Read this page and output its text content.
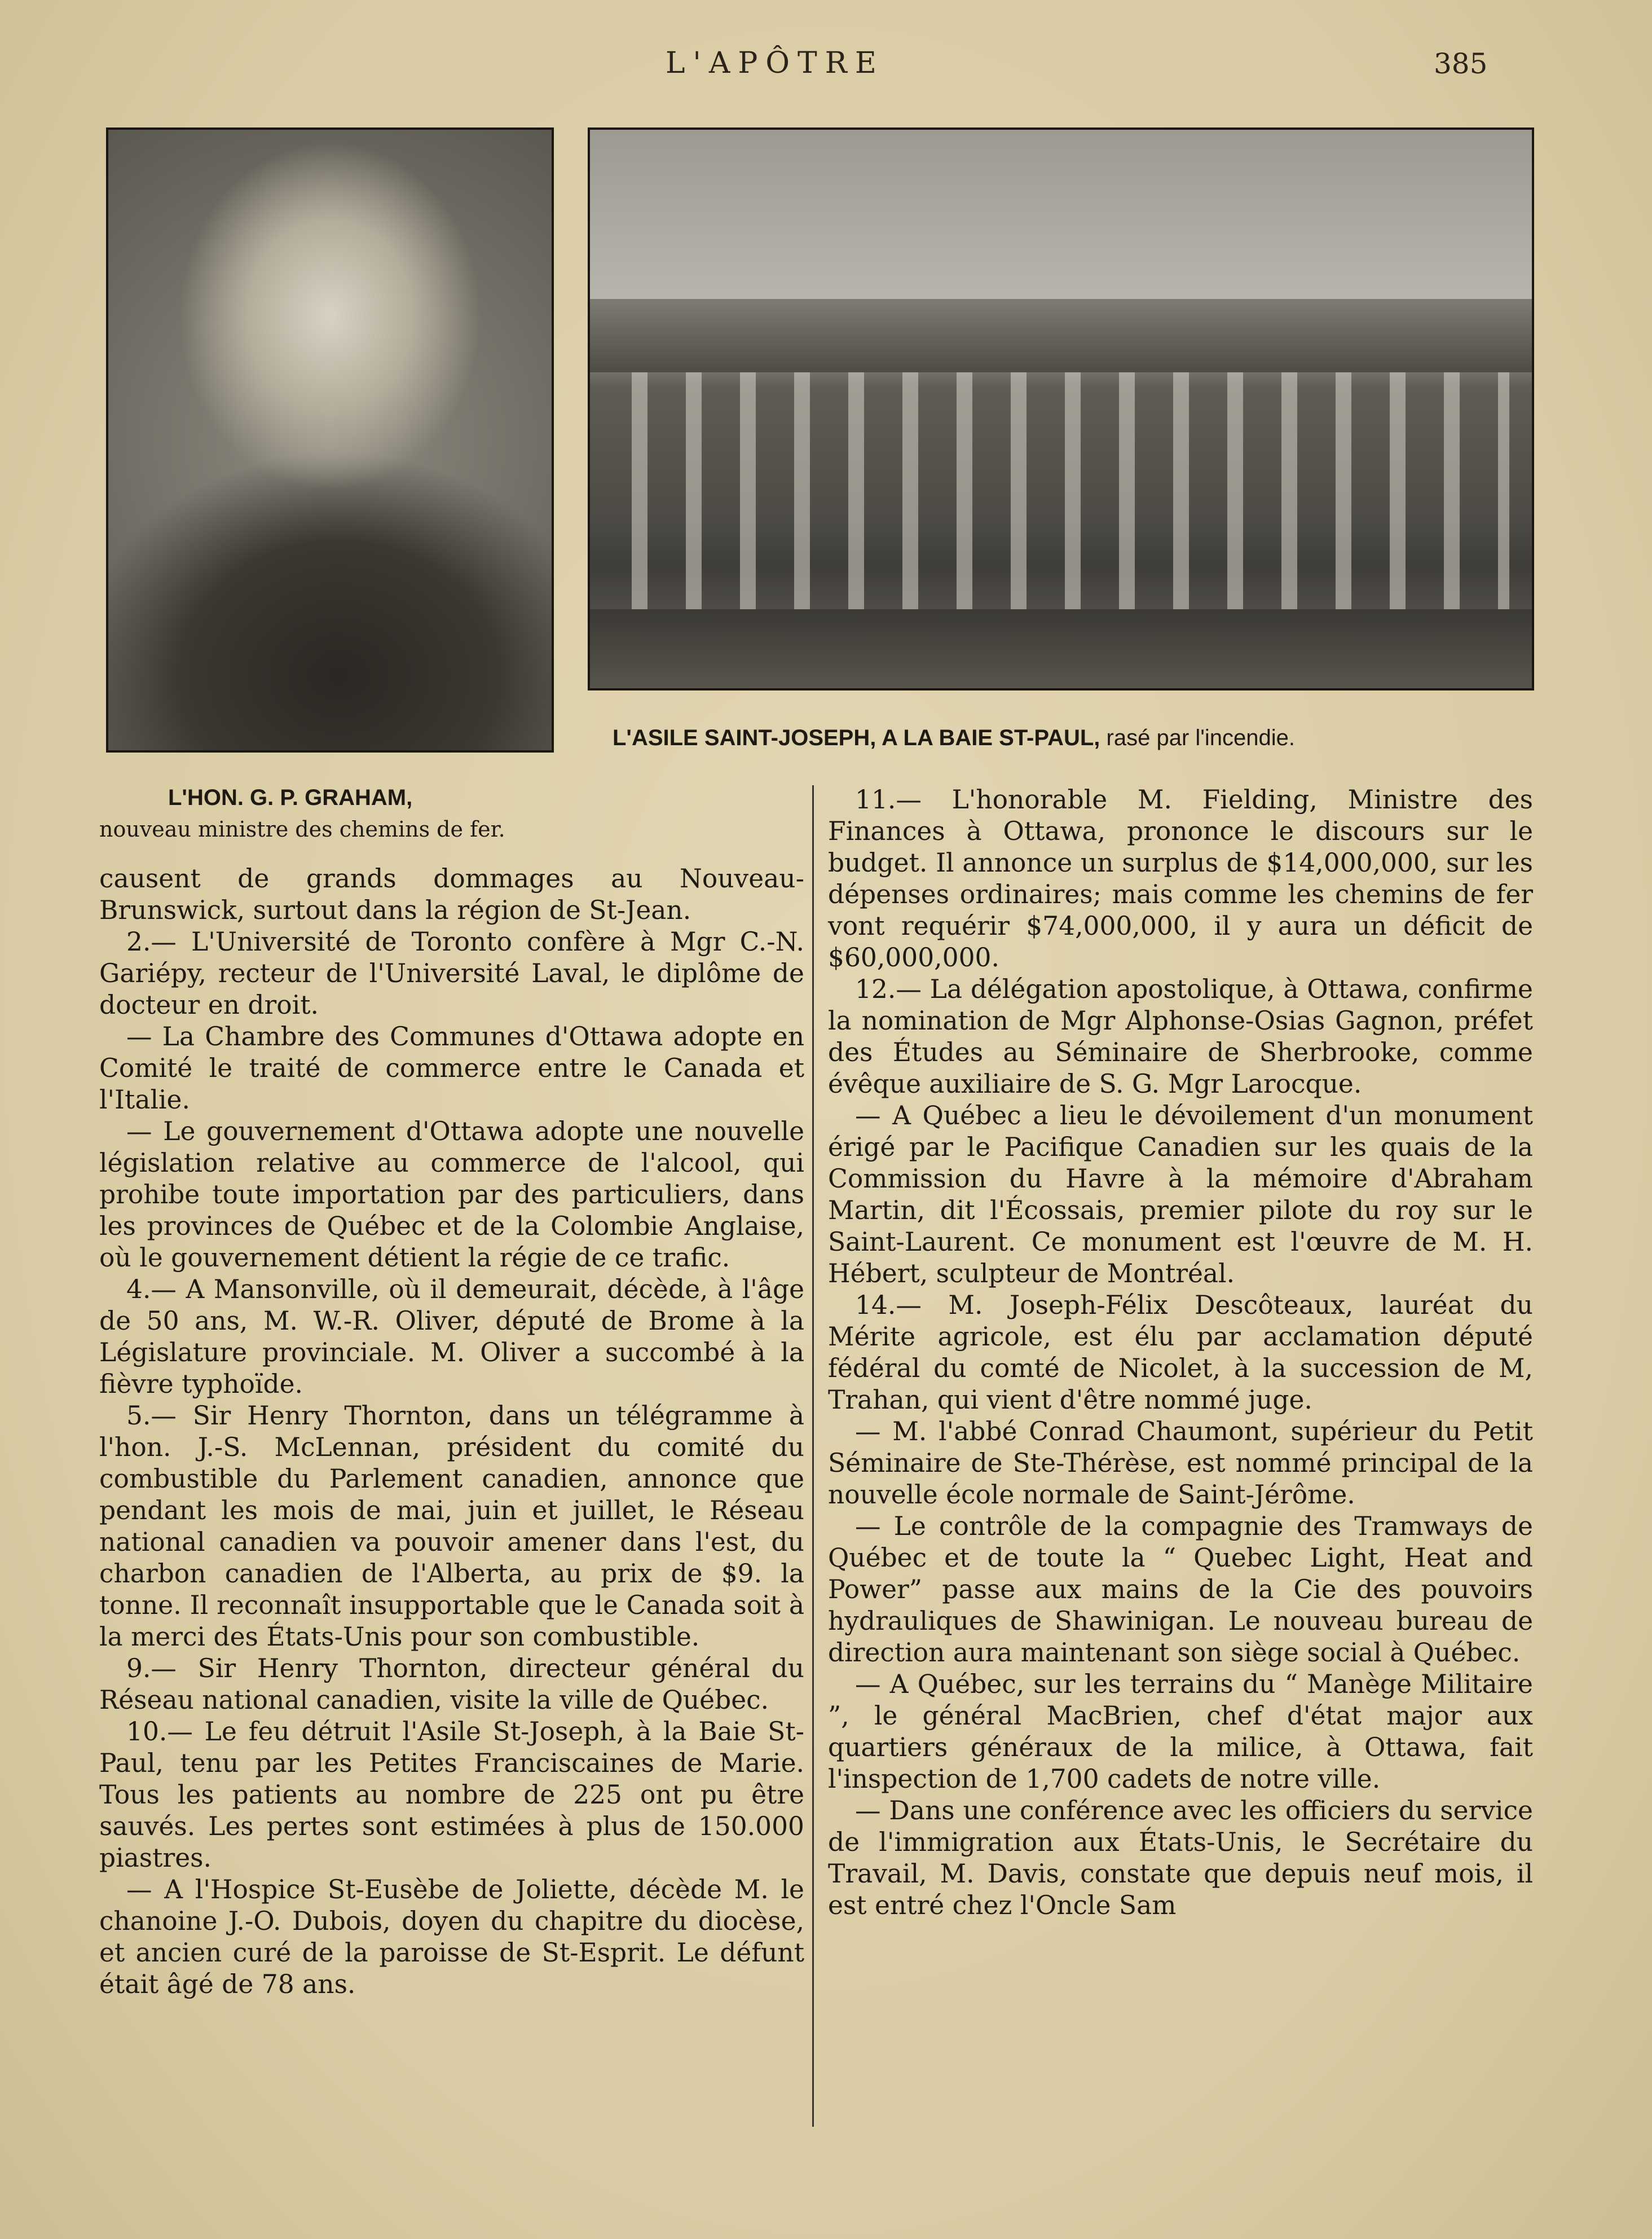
L'APÔTRE	385
L'ASILE SAINT-JOSEPH, A LA BAIE ST-PAUL, rasé par l'incendie.
L'HON. G. P. GRAHAM,
nouveau ministre des chemins de fer.

causent de grands dommages au Nouveau-Brunswick, surtout dans la région de St-Jean.

2.— L'Université de Toronto confère à Mgr C.-N. Gariépy, recteur de l'Université Laval, le diplôme de docteur en droit.

— La Chambre des Communes d'Ottawa adopte en Comité le traité de commerce entre le Canada et l'Italie.

— Le gouvernement d'Ottawa adopte une nouvelle législation relative au commerce de l'alcool, qui prohibe toute importation par des particuliers, dans les provinces de Québec et de la Colombie Anglaise, où le gouvernement détient la régie de ce trafic.

4.— A Mansonville, où il demeurait, décède, à l'âge de 50 ans, M. W.-R. Oliver, député de Brome à la Législature provinciale. M. Oliver a succombé à la fièvre typhoïde.

5.— Sir Henry Thornton, dans un télégramme à l'hon. J.-S. McLennan, président du comité du combustible du Parlement canadien, annonce que pendant les mois de mai, juin et juillet, le Réseau national canadien va pouvoir amener dans l'est, du charbon canadien de l'Alberta, au prix de $9. la tonne. Il reconnaît insupportable que le Canada soit à la merci des États-Unis pour son combustible.

9.— Sir Henry Thornton, directeur général du Réseau national canadien, visite la ville de Québec.

10.— Le feu détruit l'Asile St-Joseph, à la Baie St-Paul, tenu par les Petites Franciscaines de Marie. Tous les patients au nombre de 225 ont pu être sauvés. Les pertes sont estimées à plus de 150.000 piastres.

— A l'Hospice St-Eusèbe de Joliette, décède M. le chanoine J.-O. Dubois, doyen du chapitre du diocèse, et ancien curé de la paroisse de St-Esprit. Le défunt était âgé de 78 ans.

11.— L'honorable M. Fielding, Ministre des Finances à Ottawa, prononce le discours sur le budget. Il annonce un surplus de $14,000,000, sur les dépenses ordinaires; mais comme les chemins de fer vont requérir $74,000,000, il y aura un déficit de $60,000,000.

12.— La délégation apostolique, à Ottawa, confirme la nomination de Mgr Alphonse-Osias Gagnon, préfet des Études au Séminaire de Sherbrooke, comme évêque auxiliaire de S. G. Mgr Larocque.

— A Québec a lieu le dévoilement d'un monument érigé par le Pacifique Canadien sur les quais de la Commission du Havre à la mémoire d'Abraham Martin, dit l'Écossais, premier pilote du roy sur le Saint-Laurent. Ce monument est l'œuvre de M. H. Hébert, sculpteur de Montréal.

14.— M. Joseph-Félix Descôteaux, lauréat du Mérite agricole, est élu par acclamation député fédéral du comté de Nicolet, à la succession de M, Trahan, qui vient d'être nommé juge.

— M. l'abbé Conrad Chaumont, supérieur du Petit Séminaire de Ste-Thérèse, est nommé principal de la nouvelle école normale de Saint-Jérôme.

— Le contrôle de la compagnie des Tramways de Québec et de toute la “ Quebec Light, Heat and Power” passe aux mains de la Cie des pouvoirs hydrauliques de Shawinigan. Le nouveau bureau de direction aura maintenant son siège social à Québec.

— A Québec, sur les terrains du “ Manège Militaire ”, le général MacBrien, chef d'état major aux quartiers généraux de la milice, à Ottawa, fait l'inspection de 1,700 cadets de notre ville.

— Dans une conférence avec les officiers du service de l'immigration aux États-Unis, le Secrétaire du Travail, M. Davis, constate que depuis neuf mois, il est entré chez l'Oncle Sam
